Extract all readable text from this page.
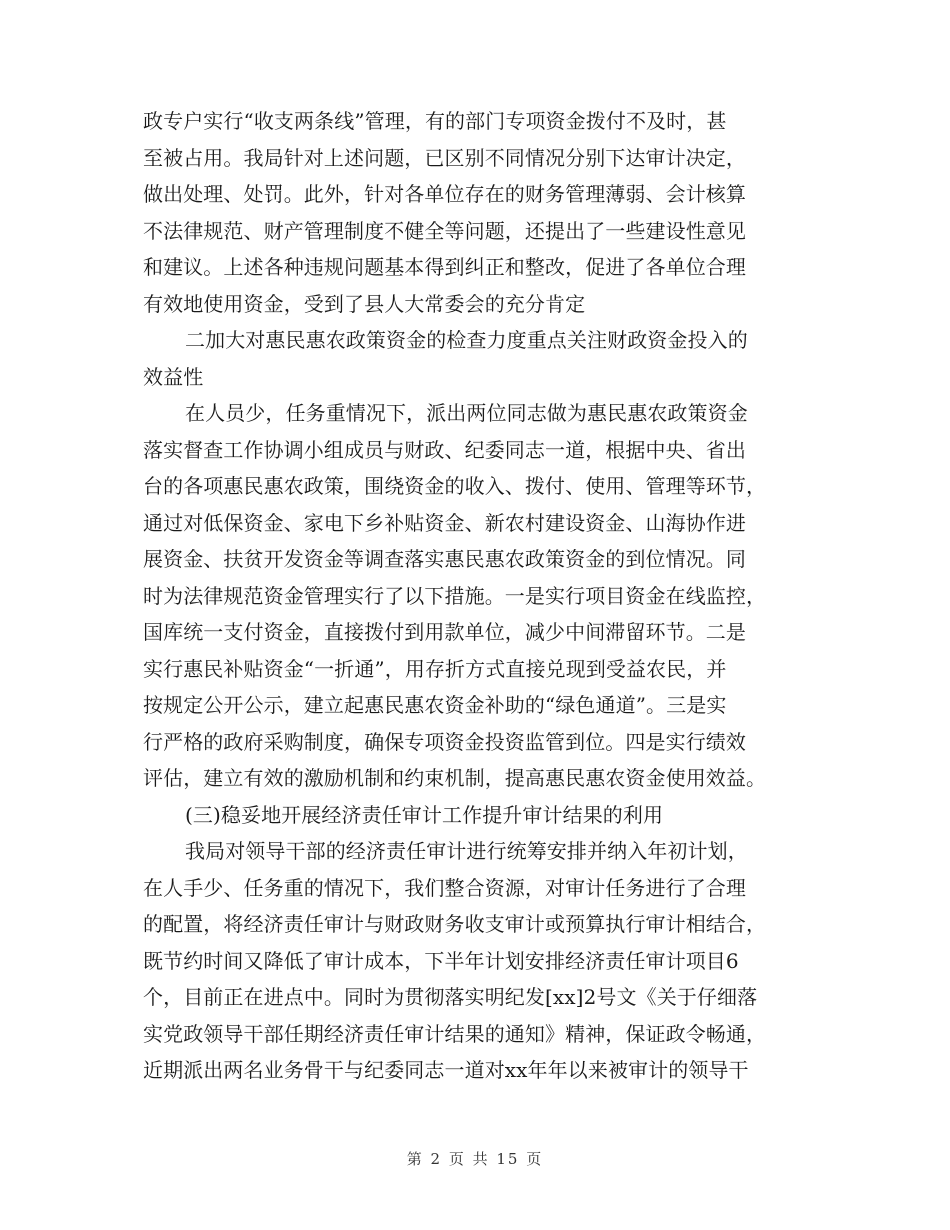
政专户实行“收支两条线”管理，有的部门专项资金拨付不及时，甚
至被占用。我局针对上述问题，已区别不同情况分别下达审计决定，
做出处理、处罚。此外，针对各单位存在的财务管理薄弱、会计核算
不法律规范、财产管理制度不健全等问题，还提出了一些建设性意见
和建议。上述各种违规问题基本得到纠正和整改，促进了各单位合理
有效地使用资金，受到了县人大常委会的充分肯定
二加大对惠民惠农政策资金的检查力度重点关注财政资金投入的
效益性
在人员少，任务重情况下，派出两位同志做为惠民惠农政策资金
落实督查工作协调小组成员与财政、纪委同志一道，根据中央、省出
台的各项惠民惠农政策，围绕资金的收入、拨付、使用、管理等环节，
通过对低保资金、家电下乡补贴资金、新农村建设资金、山海协作进
展资金、扶贫开发资金等调查落实惠民惠农政策资金的到位情况。同
时为法律规范资金管理实行了以下措施。一是实行项目资金在线监控，
国库统一支付资金，直接拨付到用款单位，减少中间滞留环节。二是
实行惠民补贴资金“一折通”，用存折方式直接兑现到受益农民，并
按规定公开公示，建立起惠民惠农资金补助的“绿色通道”。三是实
行严格的政府采购制度，确保专项资金投资监管到位。四是实行绩效
评估，建立有效的激励机制和约束机制，提高惠民惠农资金使用效益。
(三)稳妥地开展经济责任审计工作提升审计结果的利用
我局对领导干部的经济责任审计进行统筹安排并纳入年初计划，
在人手少、任务重的情况下，我们整合资源，对审计任务进行了合理
的配置，将经济责任审计与财政财务收支审计或预算执行审计相结合，
既节约时间又降低了审计成本，下半年计划安排经济责任审计项目6
个，目前正在进点中。同时为贯彻落实明纪发[xx]2号文《关于仔细落
实党政领导干部任期经济责任审计结果的通知》精神，保证政令畅通，
近期派出两名业务骨干与纪委同志一道对xx年年以来被审计的领导干
第 2 页 共 15 页
